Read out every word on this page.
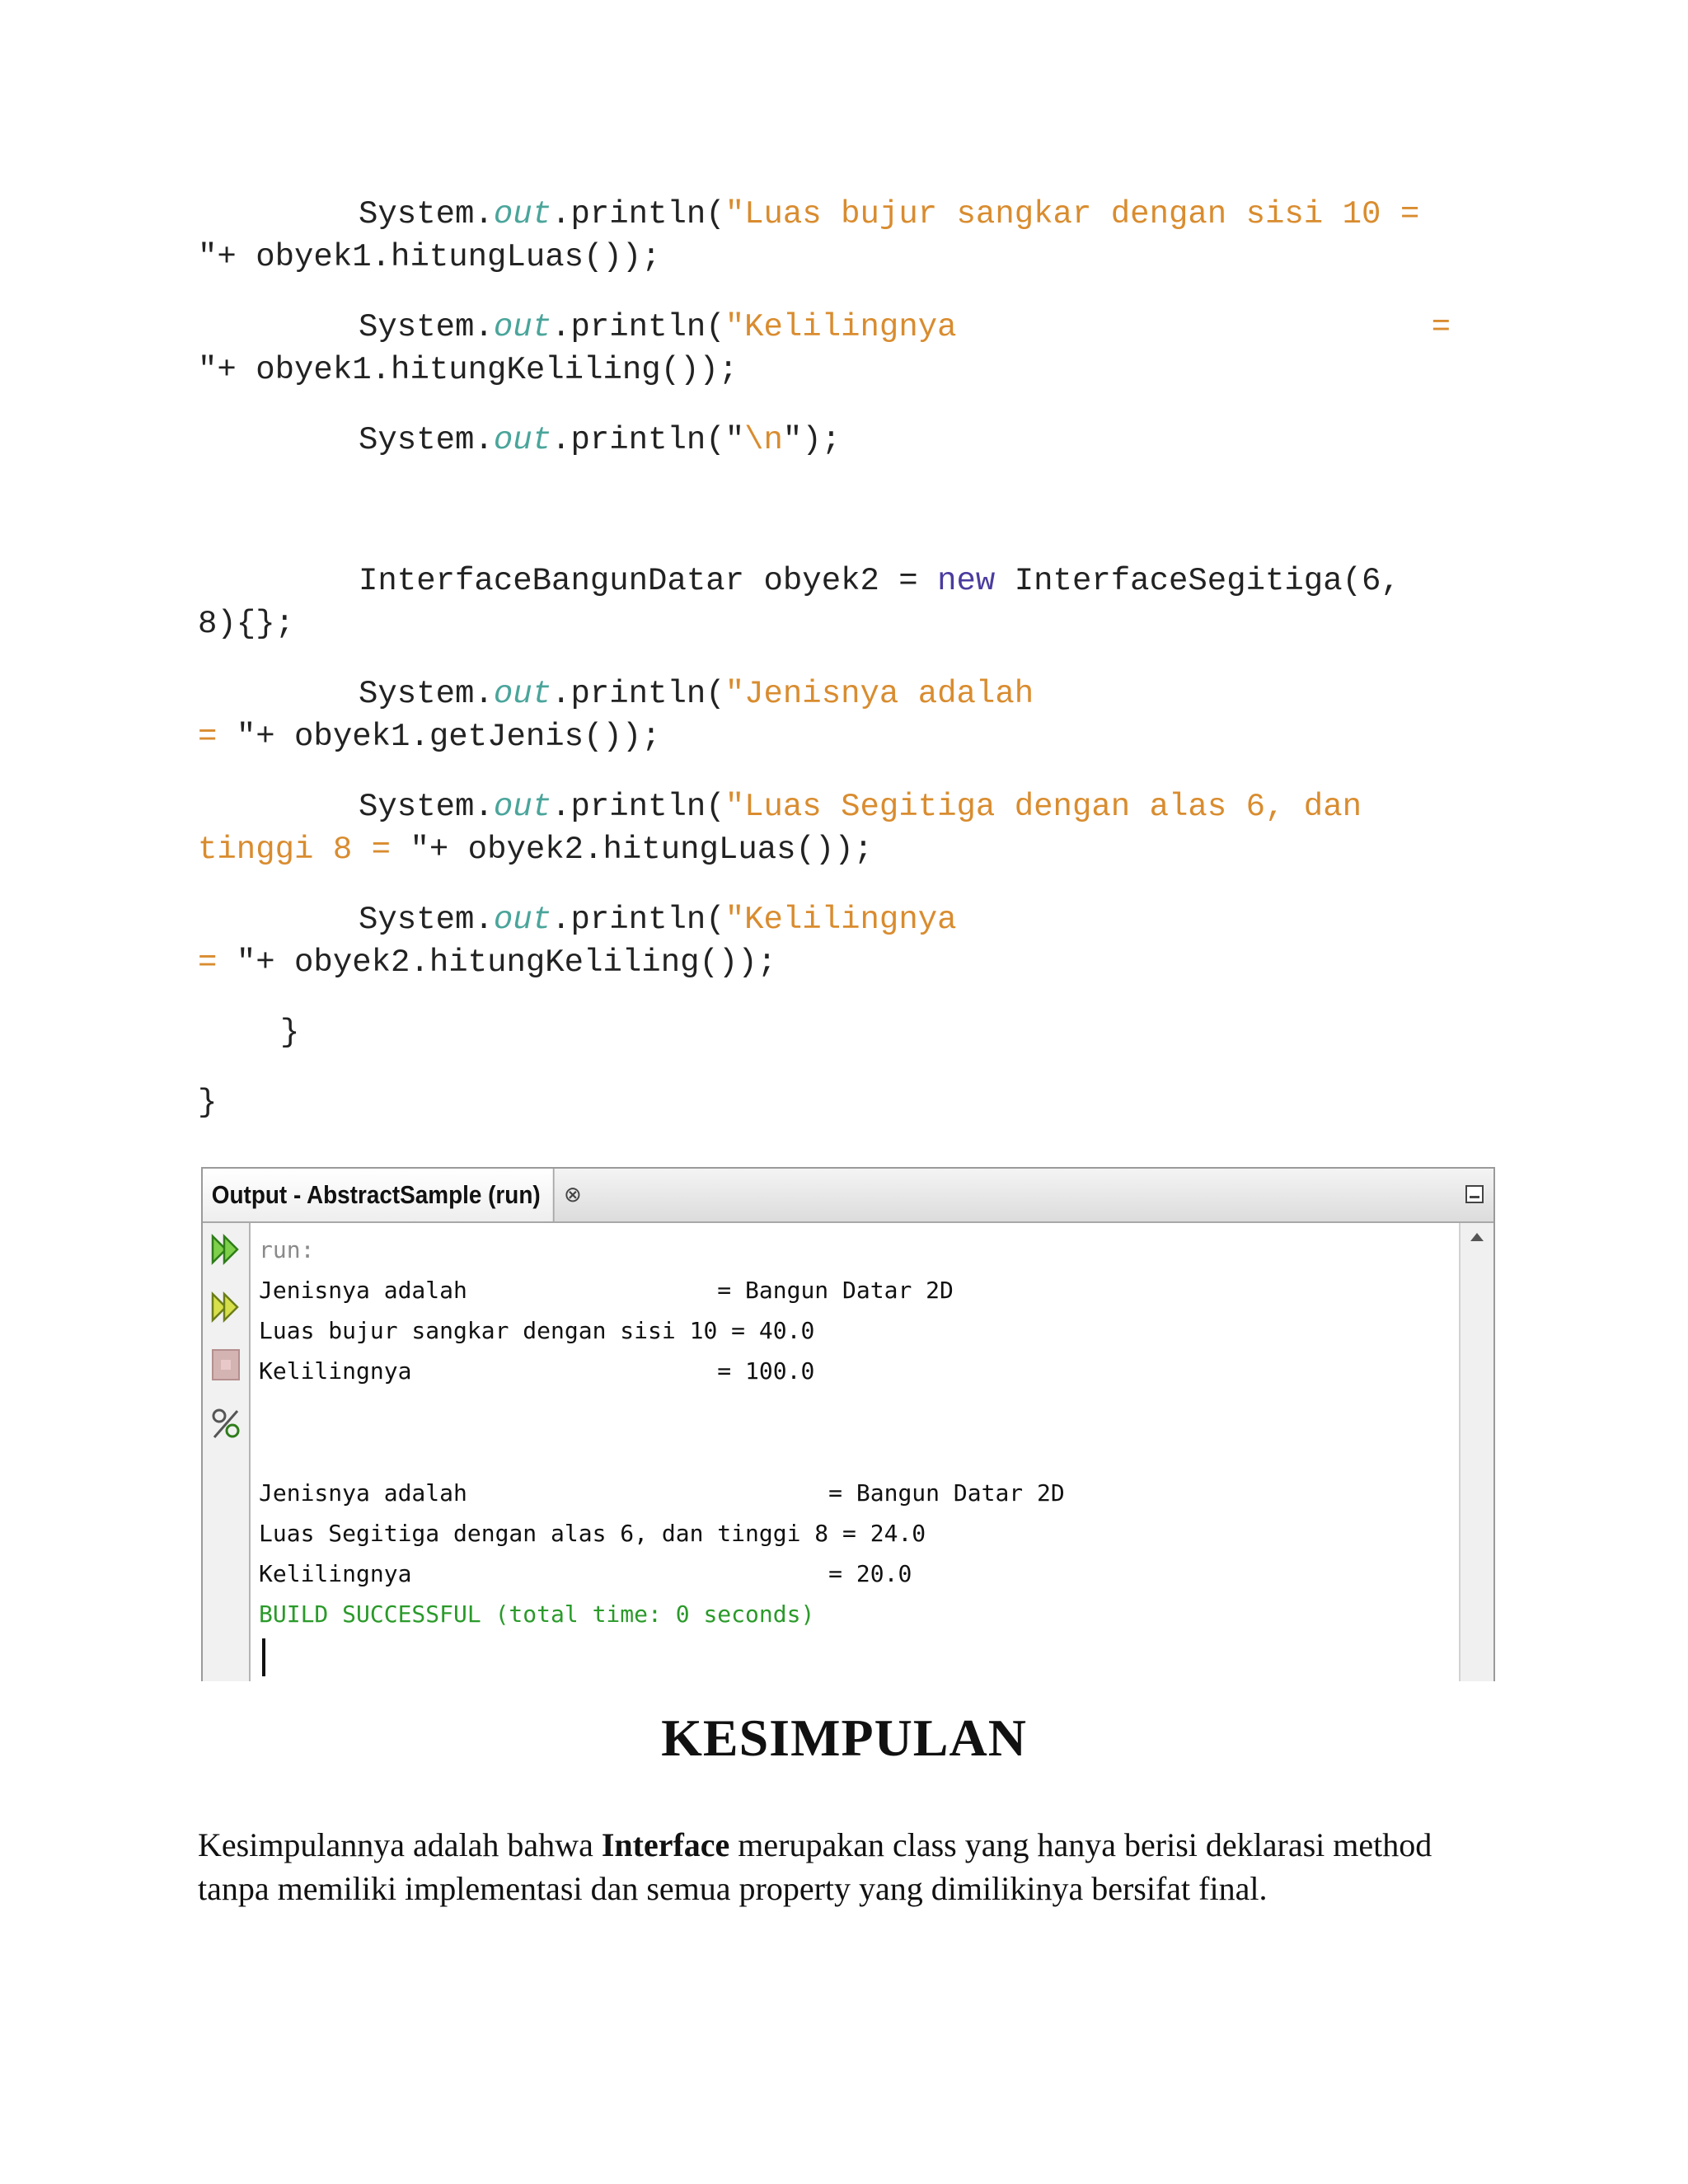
System.out.println("Luas bujur sangkar dengan sisi 10 =

"+ obyek1.hitungLuas());

System.out.println("Kelilingnya	=

"+ obyek1.hitungKeliling());

System.out.println("\n");

InterfaceBangunDatar obyek2 = new InterfaceSegitiga(6,

8){};

System.out.println("Jenisnya adalah

= "+ obyek1.getJenis());

System.out.println("Luas Segitiga dengan alas 6, dan

tinggi 8 = "+ obyek2.hitungLuas());

System.out.println("Kelilingnya

= "+ obyek2.hitungKeliling());

}

}

Output - AbstractSample (run)	⊗

run:

Jenisnya adalah                  = Bangun Datar 2D

Luas bujur sangkar dengan sisi 10 = 40.0

Kelilingnya                      = 100.0

Jenisnya adalah                          = Bangun Datar 2D

Luas Segitiga dengan alas 6, dan tinggi 8 = 24.0

Kelilingnya                              = 20.0

BUILD SUCCESSFUL (total time: 0 seconds)

KESIMPULAN
Kesimpulannya adalah bahwa Interface merupakan class yang hanya berisi deklarasi method tanpa memiliki implementasi dan semua property yang dimilikinya bersifat final.
